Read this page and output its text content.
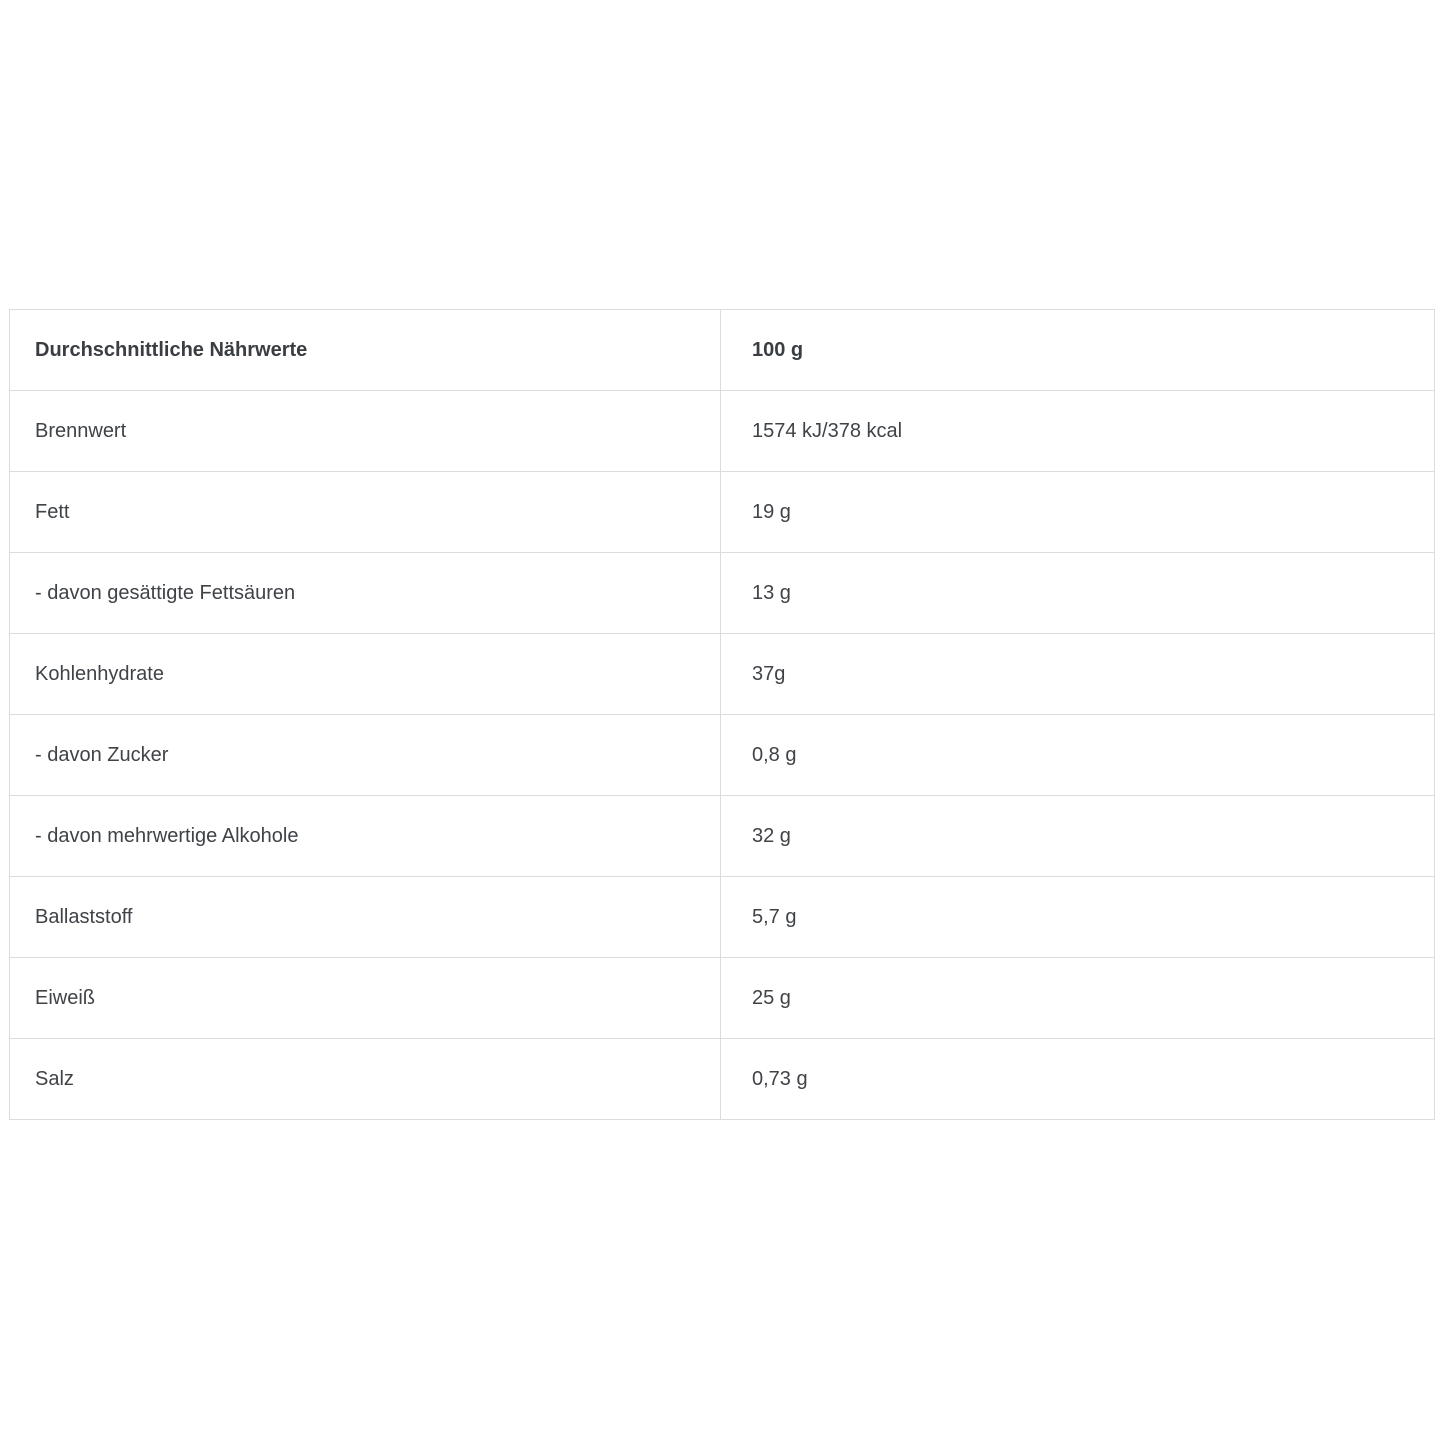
Durchschnittliche Nährwerte	100 g
Brennwert	1574 kJ/378 kcal
Fett	19 g
- davon gesättigte Fettsäuren	13 g
Kohlenhydrate	37g
- davon Zucker	0,8 g
- davon mehrwertige Alkohole	32 g
Ballaststoff	5,7 g
Eiweiß	25 g
Salz	0,73 g
